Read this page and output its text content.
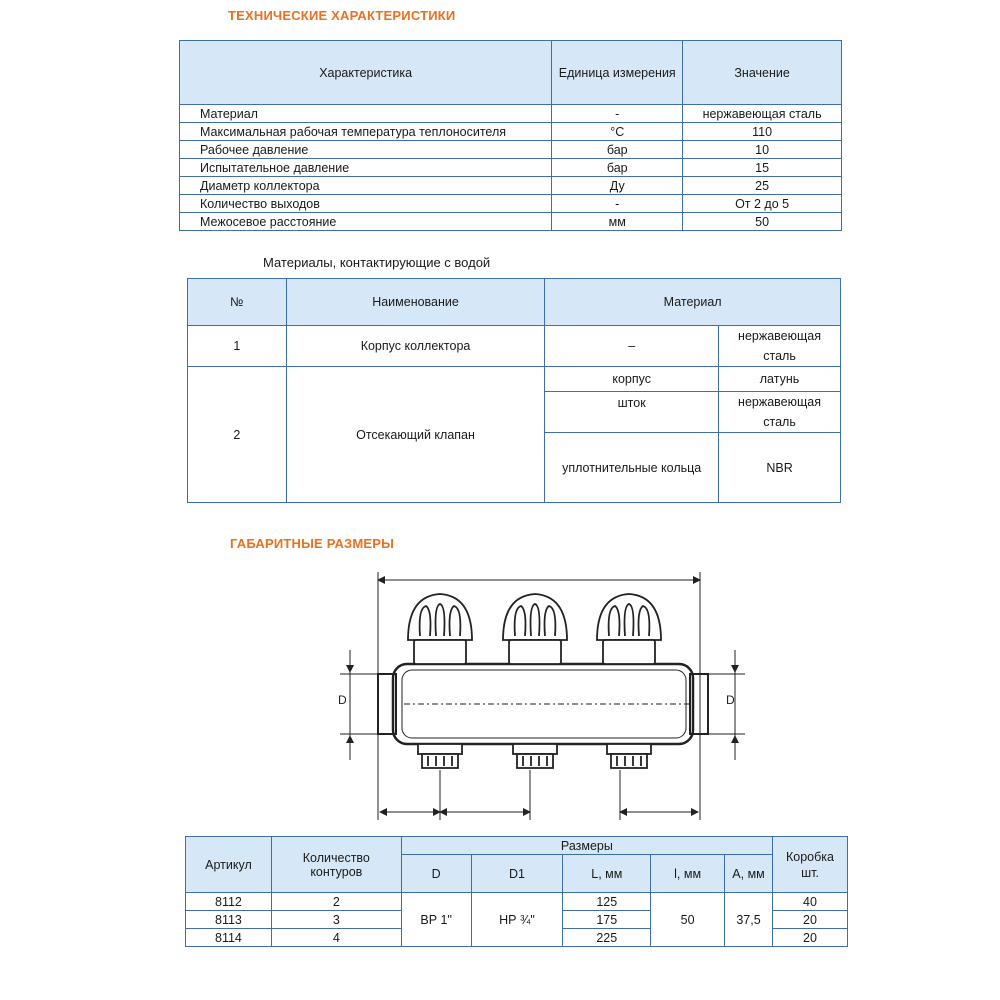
ТЕХНИЧЕСКИЕ ХАРАКТЕРИСТИКИ
Характеристика	Единица измерения	Значение
Материал	-	нержавеющая сталь
Максимальная рабочая температура теплоносителя	°С	110
Рабочее давление	бар	10
Испытательное давление	бар	15
Диаметр коллектора	Ду	25
Количество выходов	-	От 2 до 5
Межосевое расстояние	мм	50
Материалы, контактирующие с водой
№	Наименование	Материал	
1	Корпус коллектора	–	нержавеющая сталь
2	Отсекающий клапан	корпус	латунь
		шток	нержавеющая сталь
		уплотнительные кольца	NBR
ГАБАРИТНЫЕ РАЗМЕРЫ
D	D
Артикул	Количество контуров	Размеры					Коробка шт.
		D	D1	L, мм	l, мм	A, мм	
8112	2	ВР 1"	НР ¾"	125	50	37,5	40
8113	3			175			20
8114	4			225			20
